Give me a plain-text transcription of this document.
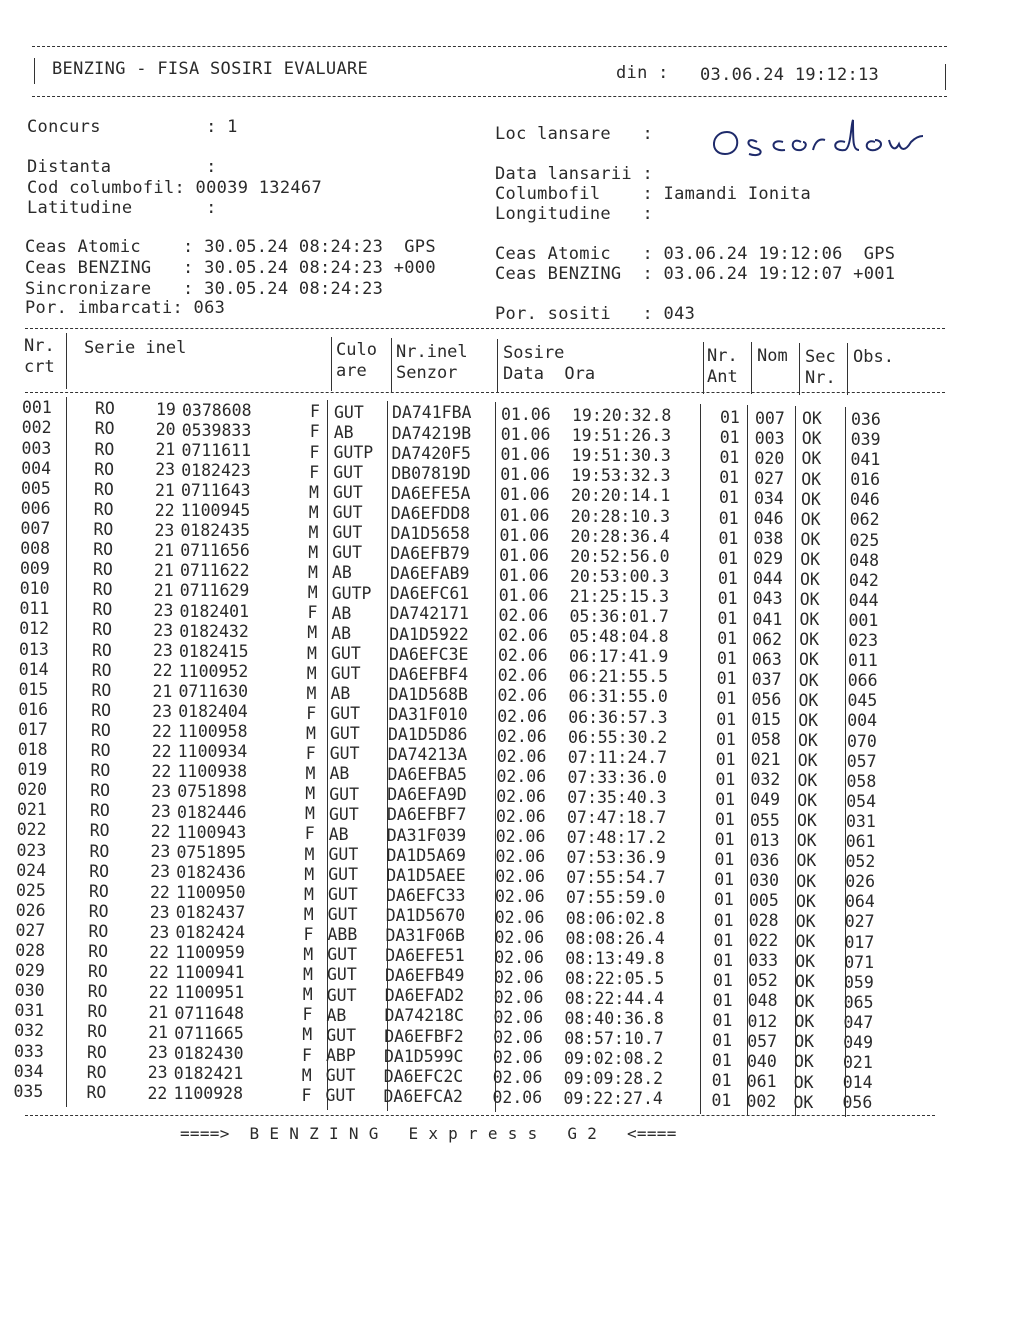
BENZING - FISA SOSIRI EVALUARE	din : 03.06.24 19:12:13
Concurs          : 1
Distanta         :
Cod columbofil: 00039 132467
Latitudine       :
Ceas Atomic    : 30.05.24 08:24:23  GPS
Ceas BENZING   : 30.05.24 08:24:23 +000
Sincronizare   : 30.05.24 08:24:23
Por. imbarcati: 063
Loc lansare   :
Data lansarii :
Columbofil    : Iamandi Ionita
Longitudine   :
Ceas Atomic   : 03.06.24 19:12:06  GPS
Ceas BENZING  : 03.06.24 19:12:07 +001
Por. sositi   : 043
Nr.
crt
Serie inel	Culo
are
Nr.inel
Senzor
Sosire
Data  Ora
Nr.
Ant
Nom Sec
Nr.
Obs.
001	RO 19 0378608	F GUT DA741FBA 01.06 19:20:32.8	01 007 OK 036
002	RO 20 0539833	F AB DA74219B 01.06 19:51:26.3	01 003 OK 039
003	RO 21 0711611	F GUTP DA7420F5 01.06 19:51:30.3	01 020 OK 041
004	RO 23 0182423	F GUT DB07819D 01.06 19:53:32.3	01 027 OK 016
005	RO 21 0711643	M GUT DA6EFE5A 01.06 20:20:14.1	01 034 OK 046
006	RO 22 1100945	M GUT DA6EFDD8 01.06 20:28:10.3	01 046 OK 062
007	RO 23 0182435	M GUT DA1D5658 01.06 20:28:36.4	01 038 OK 025
008	RO 21 0711656	M GUT DA6EFB79 01.06 20:52:56.0	01 029 OK 048
009	RO 21 0711622	M AB DA6EFAB9 01.06 20:53:00.3	01 044 OK 042
010	RO 21 0711629	M GUTP DA6EFC61 01.06 21:25:15.3	01 043 OK 044
011	RO 23 0182401	F AB DA742171 02.06 05:36:01.7	01 041 OK 001
012	RO 23 0182432	M AB DA1D5922 02.06 05:48:04.8	01 062 OK 023
013	RO 23 0182415	M GUT DA6EFC3E 02.06 06:17:41.9	01 063 OK 011
014	RO 22 1100952	M GUT DA6EFBF4 02.06 06:21:55.5	01 037 OK 066
015	RO 21 0711630	M AB DA1D568B 02.06 06:31:55.0	01 056 OK 045
016	RO 23 0182404	F GUT DA31F010 02.06 06:36:57.3	01 015 OK 004
017	RO 22 1100958	M GUT DA1D5D86 02.06 06:55:30.2	01 058 OK 070
018	RO 22 1100934	F GUT DA74213A 02.06 07:11:24.7	01 021 OK 057
019	RO 22 1100938	M AB DA6EFBA5 02.06 07:33:36.0	01 032 OK 058
020	RO 23 0751898	M GUT DA6EFA9D 02.06 07:35:40.3	01 049 OK 054
021	RO 23 0182446	M GUT DA6EFBF7 02.06 07:47:18.7	01 055 OK 031
022	RO 22 1100943	F AB DA31F039 02.06 07:48:17.2	01 013 OK 061
023	RO 23 0751895	M GUT DA1D5A69 02.06 07:53:36.9	01 036 OK 052
024	RO 23 0182436	M GUT DA1D5AEE 02.06 07:55:54.7	01 030 OK 026
025	RO 22 1100950	M GUT DA6EFC33 02.06 07:55:59.0	01 005 OK 064
026	RO 23 0182437	M GUT DA1D5670 02.06 08:06:02.8	01 028 OK 027
027	RO 23 0182424	F ABB DA31F06B 02.06 08:08:26.4	01 022 OK 017
028	RO 22 1100959	M GUT DA6EFE51 02.06 08:13:49.8	01 033 OK 071
029	RO 22 1100941	M GUT DA6EFB49 02.06 08:22:05.5	01 052 OK 059
030	RO 22 1100951	M GUT DA6EFAD2 02.06 08:22:44.4	01 048 OK 065
031	RO 21 0711648	F AB DA74218C 02.06 08:40:36.8	01 012 OK 047
032	RO 21 0711665	M GUT DA6EFBF2 02.06 08:57:10.7	01 057 OK 049
033	RO 23 0182430	F ABP DA1D599C 02.06 09:02:08.2	01 040 OK 021
034	RO 23 0182421	M GUT DA6EFC2C 02.06 09:09:28.2	01 061 OK 014
035	RO 22 1100928	F GUT DA6EFCA2 02.06 09:22:27.4	01 002 OK 056
====>  B E N Z I N G   E x p r e s s   G 2   <====
